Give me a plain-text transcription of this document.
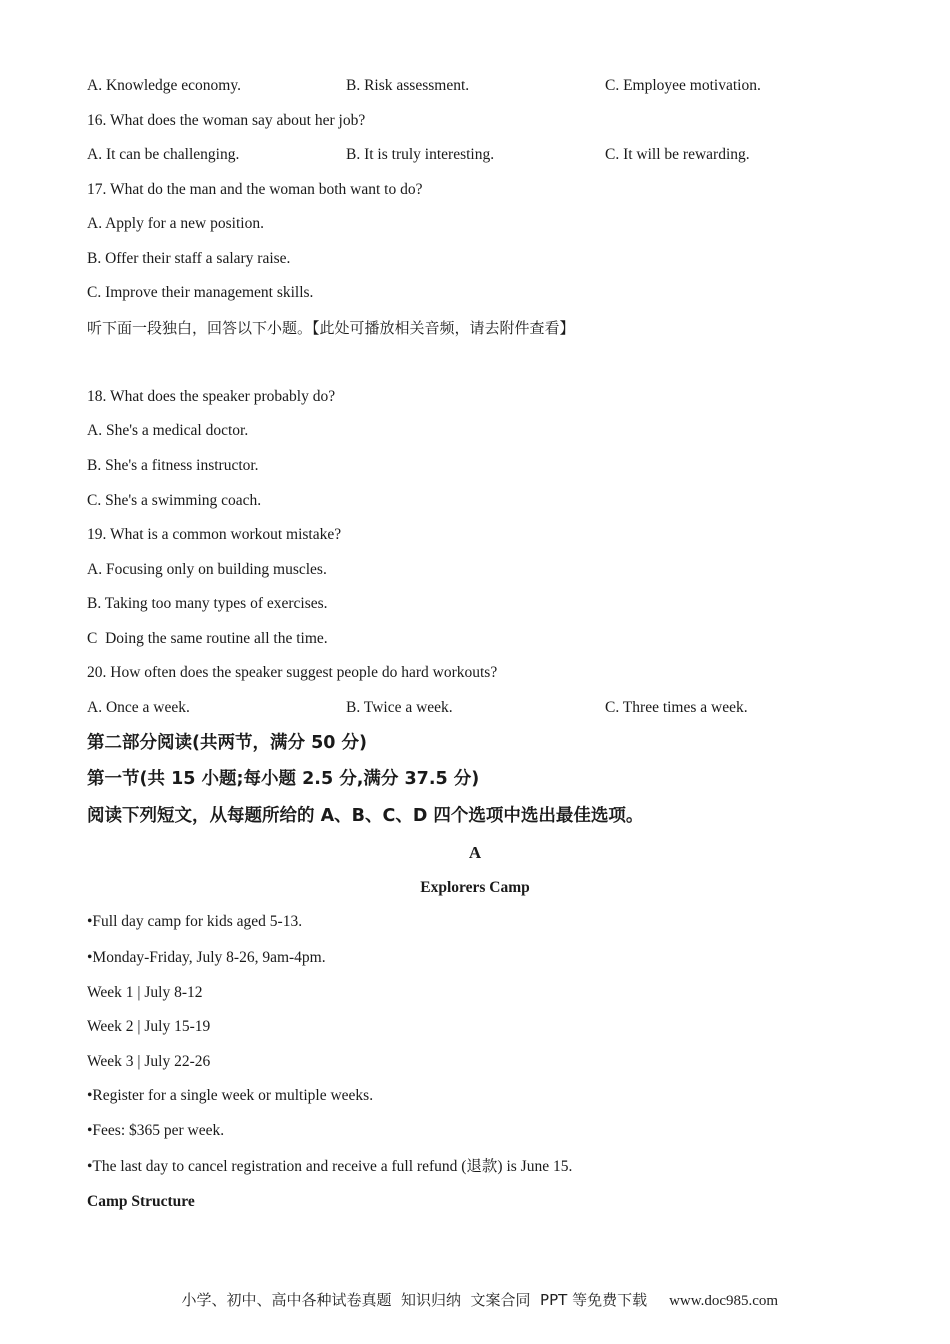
A. Knowledge economy.	B. Risk assessment.	C. Employee motivation.
16. What does the woman say about her job?
A. It can be challenging.	B. It is truly interesting.	C. It will be rewarding.
17. What do the man and the woman both want to do?
A. Apply for a new position.
B. Offer their staff a salary raise.
C. Improve their management skills.
听下面一段独白，回答以下小题。【此处可播放相关音频，请去附件查看】
18. What does the speaker probably do?
A. She's a medical doctor.
B. She's a fitness instructor.
C. She's a swimming coach.
19. What is a common workout mistake?
A. Focusing only on building muscles.
B. Taking too many types of exercises.
C  Doing the same routine all the time.
20. How often does the speaker suggest people do hard workouts?
A. Once a week.	B. Twice a week.	C. Three times a week.
第二部分阅读(共两节，满分 50 分)
第一节(共 15 小题;每小题 2.5 分,满分 37.5 分)
阅读下列短文，从每题所给的 A、B、C、D 四个选项中选出最佳选项。
A
Explorers Camp
•Full day camp for kids aged 5-13.
•Monday-Friday, July 8-26, 9am-4pm.
Week 1 | July 8-12
Week 2 | July 15-19
Week 3 | July 22-26
•Register for a single week or multiple weeks.
•Fees: $365 per week.
•The last day to cancel registration and receive a full refund (退款) is June 15.
Camp Structure

小学、初中、高中各种试卷真题  知识归纳  文案合同  PPT 等免费下载 www.doc985.com
